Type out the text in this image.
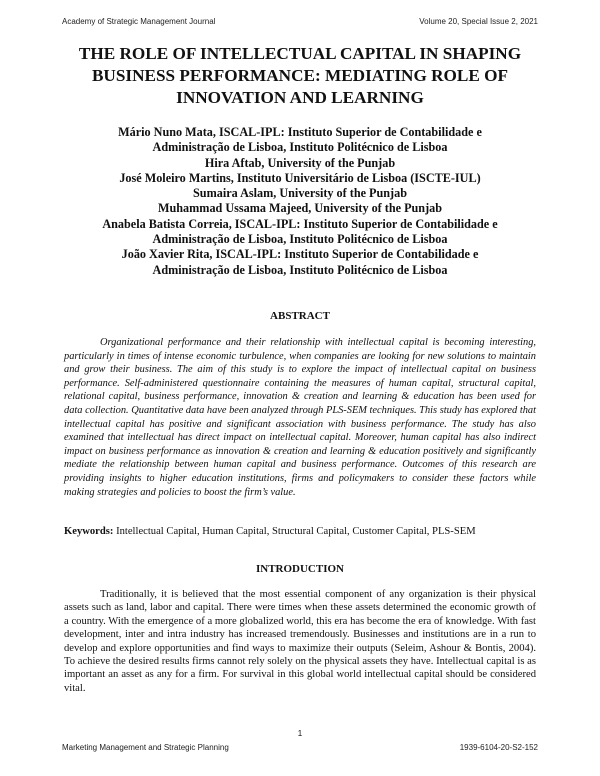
Academy of Strategic Management Journal	Volume 20, Special Issue 2, 2021
THE ROLE OF INTELLECTUAL CAPITAL IN SHAPING
BUSINESS PERFORMANCE: MEDIATING ROLE OF
INNOVATION AND LEARNING
Mário Nuno Mata, ISCAL-IPL: Instituto Superior de Contabilidade e
Administração de Lisboa, Instituto Politécnico de Lisboa
Hira Aftab, University of the Punjab
José Moleiro Martins, Instituto Universitário de Lisboa (ISCTE-IUL)
Sumaira Aslam, University of the Punjab
Muhammad Ussama Majeed, University of the Punjab
Anabela Batista Correia, ISCAL-IPL: Instituto Superior de Contabilidade e
Administração de Lisboa, Instituto Politécnico de Lisboa
João Xavier Rita, ISCAL-IPL: Instituto Superior de Contabilidade e
Administração de Lisboa, Instituto Politécnico de Lisboa
ABSTRACT

Organizational performance and their relationship with intellectual capital is becoming interesting, particularly in times of intense economic turbulence, when companies are looking for new solutions to maintain and grow their business. The aim of this study is to explore the impact of intellectual capital on business performance. Self-administered questionnaire containing the measures of human capital, structural capital, relational capital, business performance, innovation & creation and learning & education has been used for data collection. Quantitative data have been analyzed through PLS-SEM techniques. This study has explored that intellectual capital has positive and significant association with business performance. The study has also examined that intellectual has direct impact on intellectual capital. Moreover, human capital has also indirect impact on business performance as innovation & creation and learning & education positively and significantly mediate the relationship between human capital and business performance. Outcomes of this research are providing insights to higher education institutions, firms and policymakers to consider these factors while making strategies and policies to boost the firm’s value.

Keywords: Intellectual Capital, Human Capital, Structural Capital, Customer Capital, PLS-SEM

INTRODUCTION

Traditionally, it is believed that the most essential component of any organization is their physical assets such as land, labor and capital. There were times when these assets determined the economic growth of a country. With the emergence of a more globalized world, this era has become the era of knowledge. With fast development, inter and intra industry has increased tremendously. Businesses and institutions are in a run to develop and explore opportunities and find ways to maximize their outputs (Seleim, Ashour & Bontis, 2004). To achieve the desired results firms cannot rely solely on the physical assets they have. Intellectual capital is as important an asset as any for a firm. For survival in this global world intellectual capital should be considered vital.

1
Marketing Management and Strategic Planning	1939-6104-20-S2-152
